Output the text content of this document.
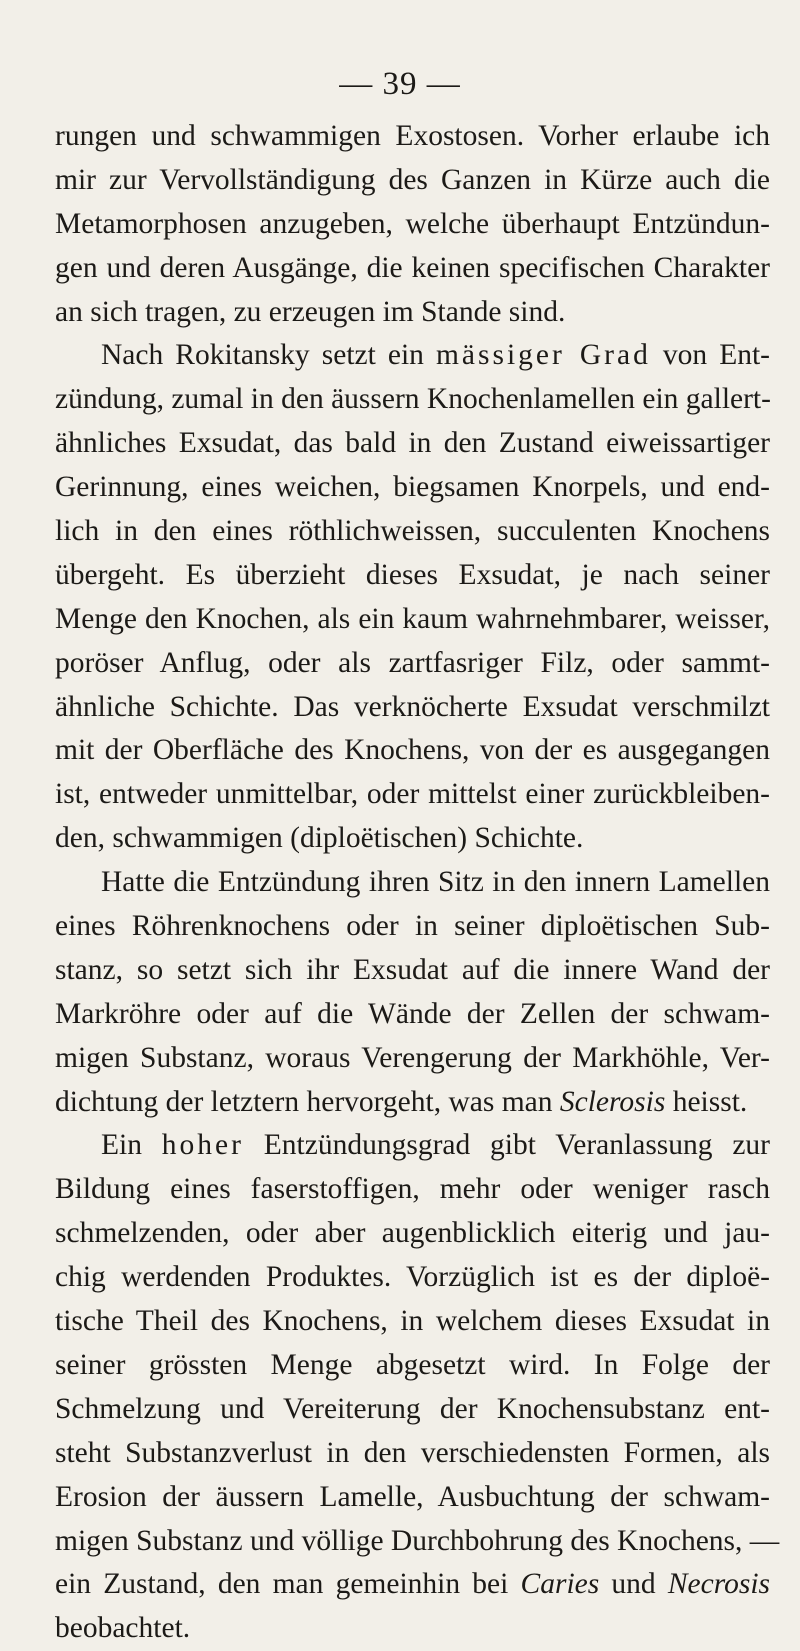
— 39 —
rungen und schwammigen Exostosen. Vorher erlaube ich
mir zur Vervollständigung des Ganzen in Kürze auch die
Metamorphosen anzugeben, welche überhaupt Entzündun-
gen und deren Ausgänge, die keinen specifischen Charakter
an sich tragen, zu erzeugen im Stande sind.
Nach Rokitansky setzt ein mässiger Grad von Ent-
zündung, zumal in den äussern Knochenlamellen ein gallert-
ähnliches Exsudat, das bald in den Zustand eiweissartiger
Gerinnung, eines weichen, biegsamen Knorpels, und end-
lich in den eines röthlichweissen, succulenten Knochens
übergeht. Es überzieht dieses Exsudat, je nach seiner
Menge den Knochen, als ein kaum wahrnehmbarer, weisser,
poröser Anflug, oder als zartfasriger Filz, oder sammt-
ähnliche Schichte. Das verknöcherte Exsudat verschmilzt
mit der Oberfläche des Knochens, von der es ausgegangen
ist, entweder unmittelbar, oder mittelst einer zurückbleiben-
den, schwammigen (diploëtischen) Schichte.
Hatte die Entzündung ihren Sitz in den innern Lamellen
eines Röhrenknochens oder in seiner diploëtischen Sub-
stanz, so setzt sich ihr Exsudat auf die innere Wand der
Markröhre oder auf die Wände der Zellen der schwam-
migen Substanz, woraus Verengerung der Markhöhle, Ver-
dichtung der letztern hervorgeht, was man Sclerosis heisst.
Ein hoher Entzündungsgrad gibt Veranlassung zur
Bildung eines faserstoffigen, mehr oder weniger rasch
schmelzenden, oder aber augenblicklich eiterig und jau-
chig werdenden Produktes. Vorzüglich ist es der diploë-
tische Theil des Knochens, in welchem dieses Exsudat in
seiner grössten Menge abgesetzt wird. In Folge der
Schmelzung und Vereiterung der Knochensubstanz ent-
steht Substanzverlust in den verschiedensten Formen, als
Erosion der äussern Lamelle, Ausbuchtung der schwam-
migen Substanz und völlige Durchbohrung des Knochens, —
ein Zustand, den man gemeinhin bei Caries und Necrosis
beobachtet.
